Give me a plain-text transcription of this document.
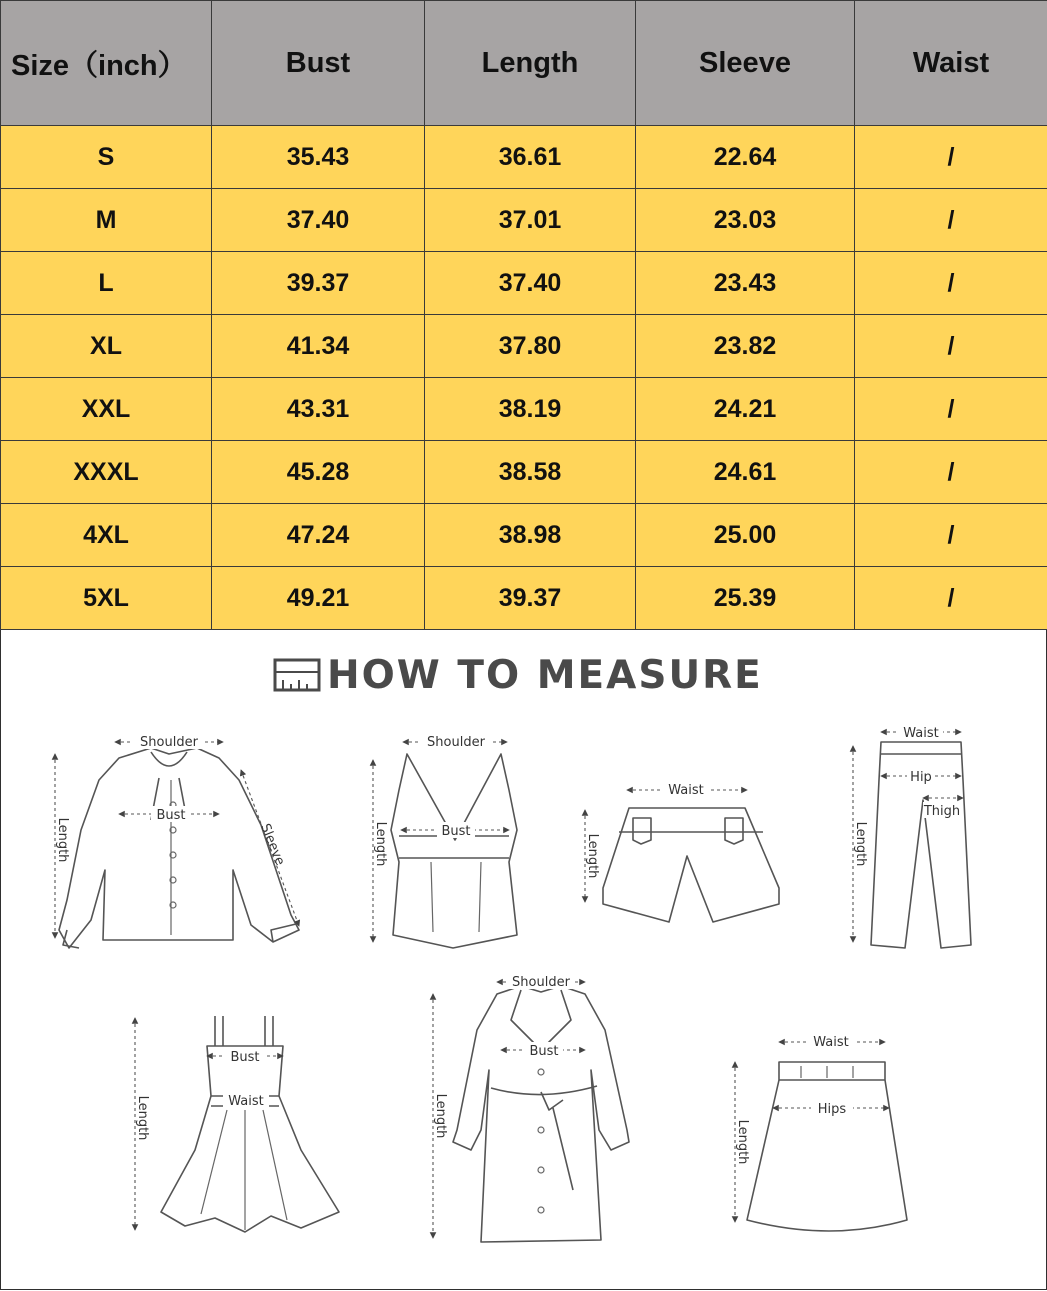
Size（inch）	Bust	Length	Sleeve	Waist
S	35.43	36.61	22.64	/
M	37.40	37.01	23.03	/
L	39.37	37.40	23.43	/
XL	41.34	37.80	23.82	/
XXL	43.31	38.19	24.21	/
XXXL	45.28	38.58	24.61	/
4XL	47.24	38.98	25.00	/
5XL	49.21	39.37	25.39	/
Shoulder
Bust
Length	Sleeve
Shoulder
Bust
Length
Waist
Length
Waist
Hip
Thigh
Length
Bust
Waist
Length
Shoulder
Bust
Length
Waist
Hips
Length
HOW TO MEASURE
